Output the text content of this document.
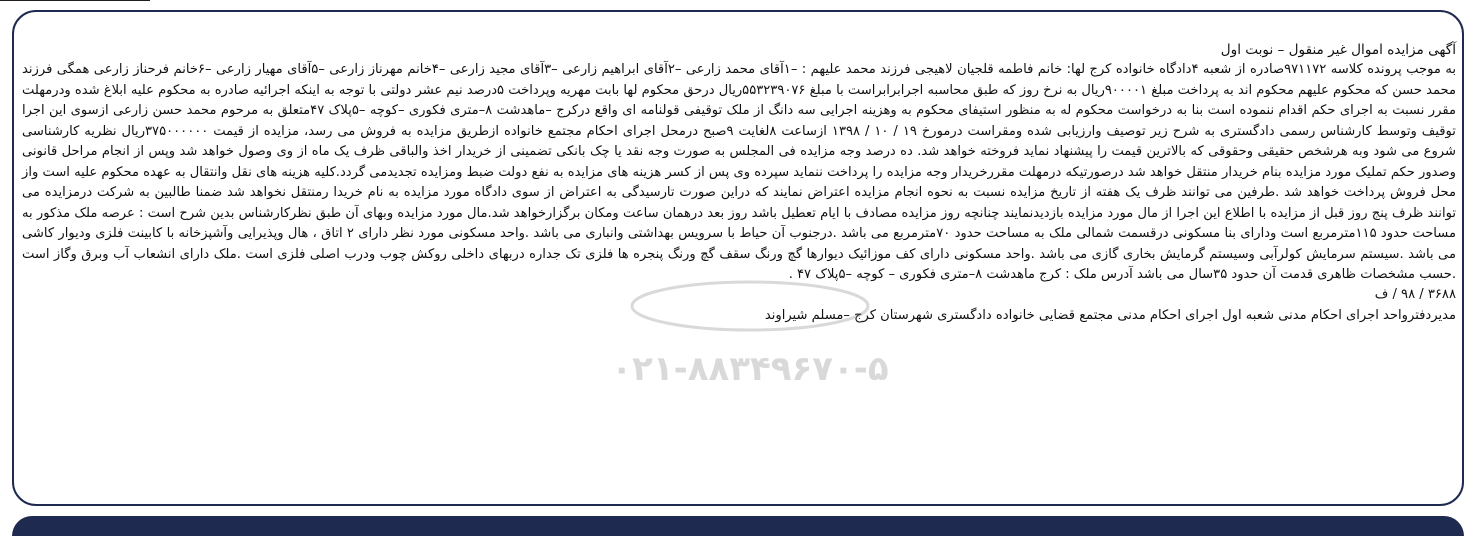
آگهی مزایده اموال غیر منقول – نوبت اول

به موجب پرونده کلاسه ۹۷۱۱۷۲صادره از شعبه ۴دادگاه خانواده کرج لها: خانم فاطمه قلجیان لاهیجی فرزند محمد علیهم : –۱آقای محمد زارعی –۲آقای ابراهیم زارعی –۳آقای مجید زارعی –۴خانم مهرناز زارعی –۵آقای مهیار زارعی –۶خانم فرحناز زارعی همگی فرزند محمد حسن که محکوم علیهم محکوم اند به پرداخت مبلغ ۹۰۰۰۰۱ریال به نرخ روز که طبق محاسبه اجرابرابراست با مبلغ ۵۵۳۲۳۹۰۷۶ریال درحق محکوم لها بابت مهریه وپرداخت ۵درصد نیم عشر دولتی با توجه به اینکه اجرائیه صادره به محکوم علیه ابلاغ شده ودرمهلت مقرر نسبت به اجرای حکم اقدام ننموده است بنا به درخواست محکوم له به منظور استیفای محکوم به وهزینه اجرایی سه دانگ از ملک توقیفی قولنامه ای واقع درکرج –ماهدشت ۸–متری فکوری –کوچه –۵پلاک ۴۷متعلق به مرحوم محمد حسن زارعی ازسوی این اجرا توقیف وتوسط کارشناس رسمی دادگستری به شرح زیر توصیف وارزیابی شده ومقراست درمورخ ۱۹ / ۱۰ / ۱۳۹۸ ازساعت ۸لغایت ۹صبح درمحل اجرای احکام مجتمع خانواده ازطریق مزایده به فروش می رسد، مزایده از قیمت ۳۷۵۰۰۰۰۰۰ریال نظریه کارشناسی شروع می شود وبه هرشخص حقیقی وحقوقی که بالاترین قیمت را پیشنهاد نماید فروخته خواهد شد. ده درصد وجه مزایده فی المجلس به صورت وجه نقد یا چک بانکی تضمینی از خریدار اخذ والباقی ظرف یک ماه از وی وصول خواهد شد وپس از انجام مراحل قانونی وصدور حکم تملیک مورد مزایده بنام خریدار منتقل خواهد شد درصورتیکه درمهلت مقررخریدار وجه مزایده را پرداخت ننماید سپرده وی پس از کسر هزینه های مزایده به نفع دولت ضبط ومزایده تجدیدمی گردد.کلیه هزینه های نقل وانتقال به عهده محکوم علیه است واز محل فروش پرداخت خواهد شد .طرفین می توانند ظرف یک هفته از تاریخ مزایده نسبت به نحوه انجام مزایده اعتراض نمایند که دراین صورت تارسیدگی به اعتراض از سوی دادگاه مورد مزایده به نام خریدا رمنتقل نخواهد شد ضمنا طالبین به شرکت درمزایده می توانند ظرف پنج روز قبل از مزایده با اطلاع این اجرا از مال مورد مزایده بازدیدنمایند چنانچه روز مزایده مصادف با ایام تعطیل باشد روز بعد درهمان ساعت ومکان برگزارخواهد شد.مال مورد مزایده وبهای آن طبق نظرکارشناس بدین شرح است : عرصه ملک مذکور به مساحت حدود ۱۱۵مترمربع است ودارای بنا مسکونی درقسمت شمالی ملک به مساحت حدود ۷۰مترمربع می باشد .درجنوب آن حیاط با سرویس بهداشتی وانباری می باشد .واحد مسکونی مورد نظر دارای ۲ اتاق ، هال وپذیرایی وآشپزخانه با کابینت فلزی ودیوار کاشی می باشد .سیستم سرمایش کولرآبی وسیستم گرمایش بخاری گازی می باشد .واحد مسکونی دارای کف موزائیک دیوارها گچ ورنگ سقف گچ ورنگ پنجره ها فلزی تک جداره دربهای داخلی روکش چوب ودرب اصلی فلزی است .ملک دارای انشعاب آب وبرق وگاز است .حسب مشخصات ظاهری قدمت آن حدود ۳۵سال می باشد آدرس ملک : کرج ماهدشت ۸–متری فکوری – کوچه –۵پلاک ۴۷ .

۳۶۸۸ / ۹۸ / ف

مدیردفترواحد اجرای احکام مدنی شعبه اول اجرای احکام مدنی مجتمع قضایی خانواده دادگستری شهرستان کرج –مسلم شیراوند

۰۲۱-۸۸۳۴۹۶۷۰-۵
